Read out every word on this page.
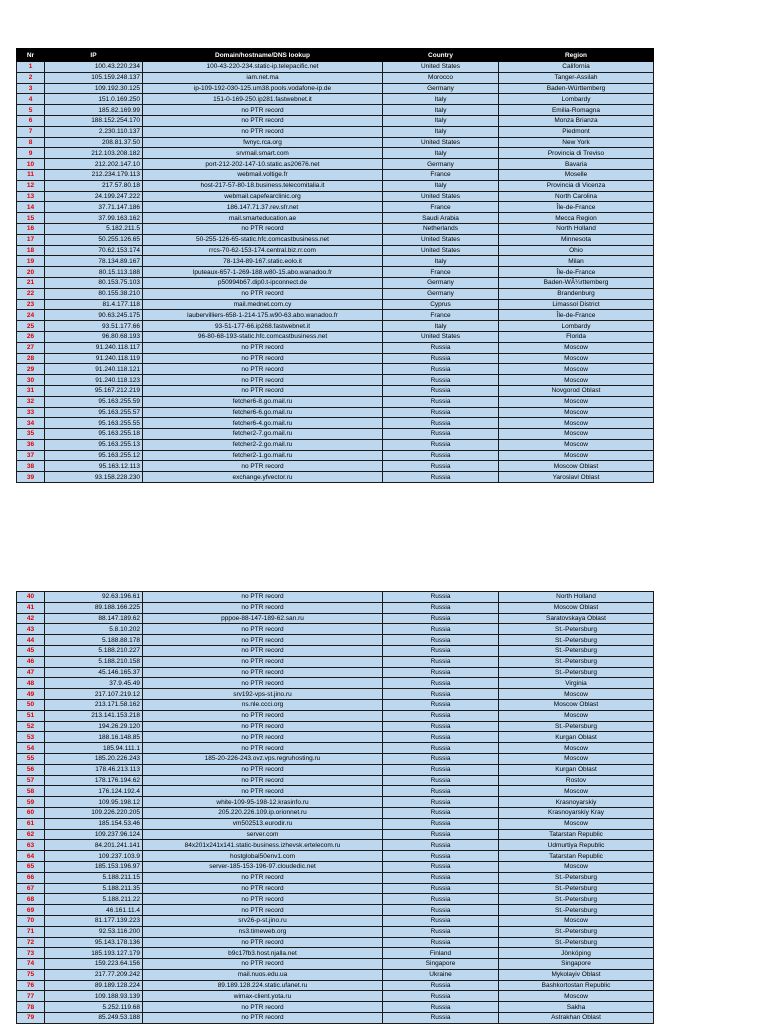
Nr	IP	Domain/hostname/DNS lookup	Country	Region
1	100.43.220.234	100-43-220-234.static-ip.telepacific.net	United States	California
2	105.159.248.137	iam.net.ma	Morocco	Tanger-Assilah
3	109.192.30.125	ip-109-192-030-125.um38.pools.vodafone-ip.de	Germany	Baden-Württemberg
4	151.0.169.250	151-0-169-250.ip281.fastwebnet.it	Italy	Lombardy
5	185.82.169.99	no PTR record	Italy	Emilia-Romagna
6	188.152.254.170	no PTR record	Italy	Monza Brianza
7	2.230.110.137	no PTR record	Italy	Piedmont
8	208.81.37.50	fwnyc.rca.org	United States	New York
9	212.103.208.182	srvmail.smart.com	Italy	Provincia di Treviso
10	212.202.147.10	port-212-202-147-10.static.as20676.net	Germany	Bavaria
11	212.234.179.113	webmail.voltige.fr	France	Moselle
12	217.57.80.18	host-217-57-80-18.business.telecomitalia.it	Italy	Provincia di Vicenza
13	24.199.247.222	webmail.capefearclinic.org	United States	North Carolina
14	37.71.147.186	186.147.71.37.rev.sfr.net	France	Île-de-France
15	37.99.163.162	mail.smarteducation.ae	Saudi Arabia	Mecca Region
16	5.182.211.5	no PTR record	Netherlands	North Holland
17	50.255.126.65	50-255-126-65-static.hfc.comcastbusiness.net	United States	Minnesota
18	70.62.153.174	rrcs-70-62-153-174.central.biz.rr.com	United States	Ohio
19	78.134.89.167	78-134-89-167.static.eolo.it	Italy	Milan
20	80.15.113.188	lputeaux-657-1-269-188.w80-15.abo.wanadoo.fr	France	Île-de-France
21	80.153.75.103	p50994b67.dip0.t-ipconnect.de	Germany	Baden-WÃ¼rttemberg
22	80.155.38.210	no PTR record	Germany	Brandenburg
23	81.4.177.118	mail.mednet.com.cy	Cyprus	Limassol District
24	90.63.245.175	laubervilliers-658-1-214-175.w90-63.abo.wanadoo.fr	France	Île-de-France
25	93.51.177.66	93-51-177-66.ip268.fastwebnet.it	Italy	Lombardy
26	96.80.68.193	96-80-68-193-static.hfc.comcastbusiness.net	United States	Florida
27	91.240.118.117	no PTR record	Russia	Moscow
28	91.240.118.119	no PTR record	Russia	Moscow
29	91.240.118.121	no PTR record	Russia	Moscow
30	91.240.118.123	no PTR record	Russia	Moscow
31	95.167.212.219	no PTR record	Russia	Novgorod Oblast
32	95.163.255.59	fetcher6-8.go.mail.ru	Russia	Moscow
33	95.163.255.57	fetcher6-6.go.mail.ru	Russia	Moscow
34	95.163.255.55	fetcher6-4.go.mail.ru	Russia	Moscow
35	95.163.255.18	fetcher2-7.go.mail.ru	Russia	Moscow
36	95.163.255.13	fetcher2-2.go.mail.ru	Russia	Moscow
37	95.163.255.12	fetcher2-1.go.mail.ru	Russia	Moscow
38	95.163.12.113	no PTR record	Russia	Moscow Oblast
39	93.158.228.230	exchange.yfvector.ru	Russia	Yaroslavl Oblast
40	92.63.196.61	no PTR record	Russia	North Holland
41	89.188.166.225	no PTR record	Russia	Moscow Oblast
42	88.147.189.62	pppoe-88-147-189-62.san.ru	Russia	Saratovskaya Oblast
43	5.8.10.202	no PTR record	Russia	St.-Petersburg
44	5.188.88.178	no PTR record	Russia	St.-Petersburg
45	5.188.210.227	no PTR record	Russia	St.-Petersburg
46	5.188.210.158	no PTR record	Russia	St.-Petersburg
47	45.146.165.37	no PTR record	Russia	St.-Petersburg
48	37.9.45.49	no PTR record	Russia	Virginia
49	217.107.219.12	srv192-vps-st.jino.ru	Russia	Moscow
50	213.171.58.162	ns.nle.ccci.org	Russia	Moscow Oblast
51	213.141.153.218	no PTR record	Russia	Moscow
52	194.26.29.120	no PTR record	Russia	St.-Petersburg
53	188.16.148.85	no PTR record	Russia	Kurgan Oblast
54	185.94.111.1	no PTR record	Russia	Moscow
55	185.20.226.243	185-20-226-243.ovz.vps.regruhosting.ru	Russia	Moscow
56	178.46.213.113	no PTR record	Russia	Kurgan Oblast
57	178.176.194.62	no PTR record	Russia	Rostov
58	176.124.192.4	no PTR record	Russia	Moscow
59	109.95.198.12	white-109-95-198-12.krasinfo.ru	Russia	Krasnoyarskiy
60	109.226.220.205	205.220.226.109.ip.orionnet.ru	Russia	Krasnoyarskiy Kray
61	185.154.53.46	vm502513.eurodir.ru	Russia	Moscow
62	109.237.96.124	server.com	Russia	Tatarstan Republic
63	84.201.241.141	84x201x241x141.static-business.izhevsk.ertelecom.ru	Russia	Udmurtiya Republic
64	109.237.103.9	hostglobal50env1.com	Russia	Tatarstan Republic
65	185.153.196.97	server-185-153-196-97.cloudedic.net	Russia	Moscow
66	5.188.211.15	no PTR record	Russia	St.-Petersburg
67	5.188.211.35	no PTR record	Russia	St.-Petersburg
68	5.188.211.22	no PTR record	Russia	St.-Petersburg
69	46.161.11.4	no PTR record	Russia	St.-Petersburg
70	81.177.139.223	srv26-p-st.jino.ru	Russia	Moscow
71	92.53.116.200	ns3.timeweb.org	Russia	St.-Petersburg
72	95.143.178.136	no PTR record	Russia	St.-Petersburg
73	185.193.127.179	b9c17fb3.host.njalla.net	Finland	Jönköping
74	159.223.64.156	no PTR record	Singapore	Singapore
75	217.77.209.242	mail.nuos.edu.ua	Ukraine	Mykolayiv Oblast
76	89.189.128.224	89.189.128.224.static.ufanet.ru	Russia	Bashkortostan Republic
77	109.188.93.139	wimax-client.yota.ru	Russia	Moscow
78	5.252.119.68	no PTR record	Russia	Sakha
79	85.249.53.188	no PTR record	Russia	Astrakhan Oblast
